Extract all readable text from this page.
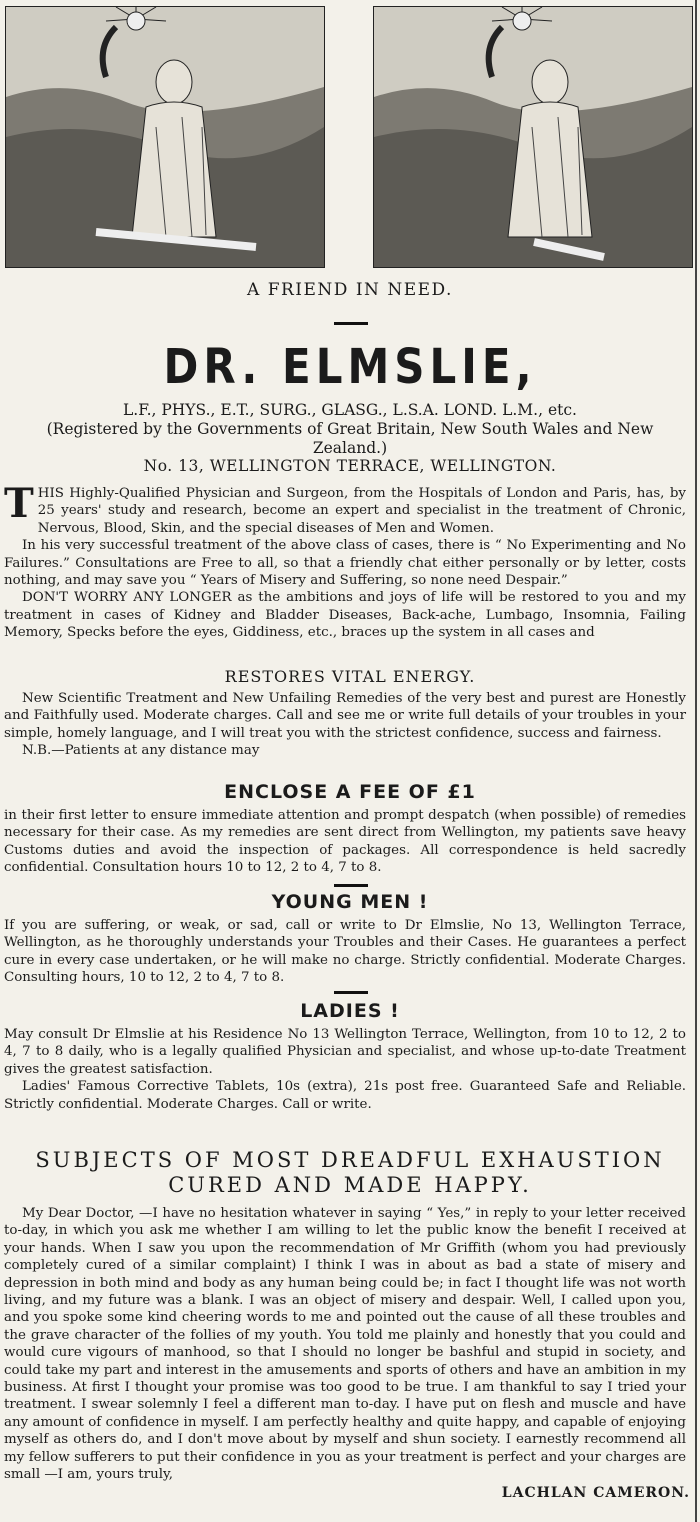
A FRIEND IN NEED.
DR. ELMSLIE,
L.F., PHYS., E.T., SURG., GLASG., L.S.A. LOND. L.M., etc.
(Registered by the Governments of Great Britain, New South Wales and New Zealand.)
No. 13, WELLINGTON TERRACE, WELLINGTON.

THIS Highly-Qualified Physician and Surgeon, from the Hospitals of London and Paris, has, by 25 years' study and research, become an expert and specialist in the treatment of Chronic, Nervous, Blood, Skin, and the special diseases of Men and Women.

In his very successful treatment of the above class of cases, there is “ No Experimenting and No Failures.” Consultations are Free to all, so that a friendly chat either personally or by letter, costs nothing, and may save you “ Years of Misery and Suffering, so none need Despair.”

DON'T WORRY ANY LONGER as the ambitions and joys of life will be restored to you and my treatment in cases of Kidney and Bladder Diseases, Back-ache, Lumbago, Insomnia, Failing Memory, Specks before the eyes, Giddiness, etc., braces up the system in all cases and

RESTORES VITAL ENERGY.

New Scientific Treatment and New Unfailing Remedies of the very best and purest are Honestly and Faithfully used. Moderate charges. Call and see me or write full details of your troubles in your simple, homely language, and I will treat you with the strictest confidence, success and fairness.

N.B.—Patients at any distance may

ENCLOSE A FEE OF £1

in their first letter to ensure immediate attention and prompt despatch (when possible) of remedies necessary for their case. As my remedies are sent direct from Wellington, my patients save heavy Customs duties and avoid the inspection of packages. All correspondence is held sacredly confidential. Consultation hours 10 to 12, 2 to 4, 7 to 8.

YOUNG MEN !

If you are suffering, or weak, or sad, call or write to Dr Elmslie, No 13, Wellington Terrace, Wellington, as he thoroughly understands your Troubles and their Cases. He guarantees a perfect cure in every case undertaken, or he will make no charge. Strictly confidential. Moderate Charges. Consulting hours, 10 to 12, 2 to 4, 7 to 8.

LADIES !

May consult Dr Elmslie at his Residence No 13 Wellington Terrace, Wellington, from 10 to 12, 2 to 4, 7 to 8 daily, who is a legally qualified Physician and specialist, and whose up-to-date Treatment gives the greatest satisfaction.

Ladies' Famous Corrective Tablets, 10s (extra), 21s post free. Guaranteed Safe and Reliable. Strictly confidential. Moderate Charges. Call or write.

SUBJECTS OF MOST DREADFUL EXHAUSTION
CURED AND MADE HAPPY.

My Dear Doctor, —I have no hesitation whatever in saying “ Yes,” in reply to your letter received to-day, in which you ask me whether I am willing to let the public know the benefit I received at your hands. When I saw you upon the recommendation of Mr Griffith (whom you had previously completely cured of a similar complaint) I think I was in about as bad a state of misery and depression in both mind and body as any human being could be; in fact I thought life was not worth living, and my future was a blank. I was an object of misery and despair. Well, I called upon you, and you spoke some kind cheering words to me and pointed out the cause of all these troubles and the grave character of the follies of my youth. You told me plainly and honestly that you could and would cure vigours of manhood, so that I should no longer be bashful and stupid in society, and could take my part and interest in the amusements and sports of others and have an ambition in my business. At first I thought your promise was too good to be true. I am thankful to say I tried your treatment. I swear solemnly I feel a different man to-day. I have put on flesh and muscle and have any amount of confidence in myself. I am perfectly healthy and quite happy, and capable of enjoying myself as others do, and I don't move about by myself and shun society. I earnestly recommend all my fellow sufferers to put their confidence in you as your treatment is perfect and your charges are small —I am, yours truly,

LACHLAN CAMERON.
